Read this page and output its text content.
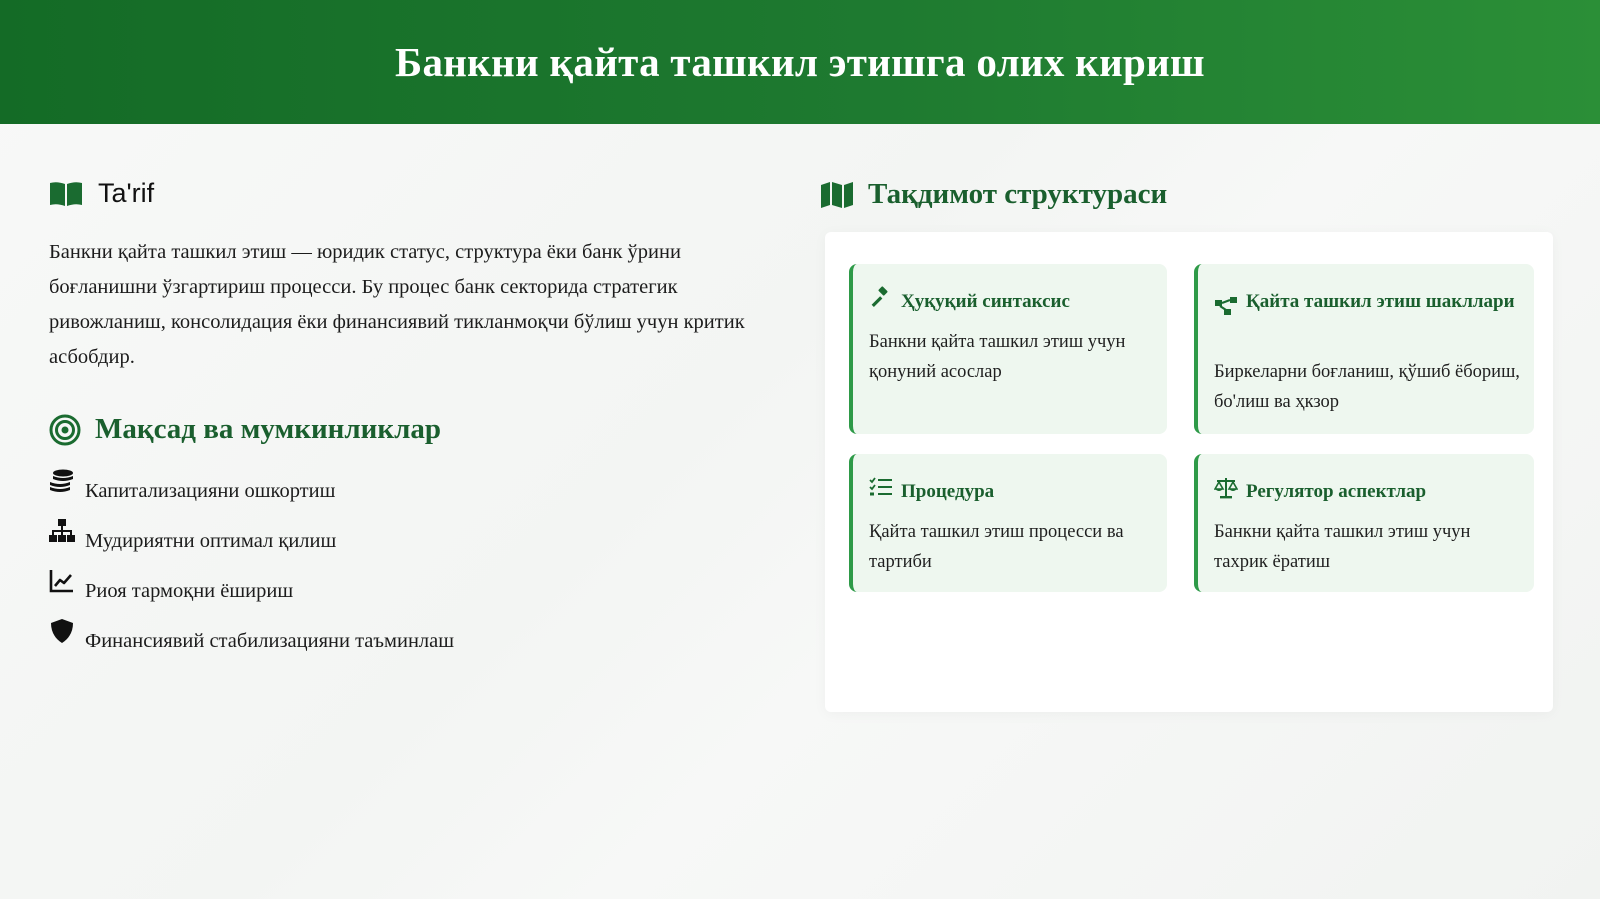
Банкни қайта ташкил этишга олих кириш
Ta'rif
Банкни қайта ташкил этиш — юридик статус, структура ёки банк ўрини боғланишни ўзгартириш процесси. Бу процес банк секторида стратегик ривожланиш, консолидация ёки финансиявий тикланмоқчи бўлиш учун критик асбобдир.
Мақсад ва мумкинликлар
Капитализацияни ошкортиш
Мудириятни оптимал қилиш
Риоя тармоқни ёшириш
Финансиявий стабилизацияни таъминлаш
Тақдимот структураси
Ҳуқуқий синтаксис
Банкни қайта ташкил этиш учун қонуний асослар
Қайта ташкил этиш шакллари
Биркеларни боғланиш, қўшиб ёбориш, бо'лиш ва ҳкзор
Процедура
Қайта ташкил этиш процесси ва тартиби
Регулятор аспектлар
Банкни қайта ташкил этиш учун тахрик ёратиш
